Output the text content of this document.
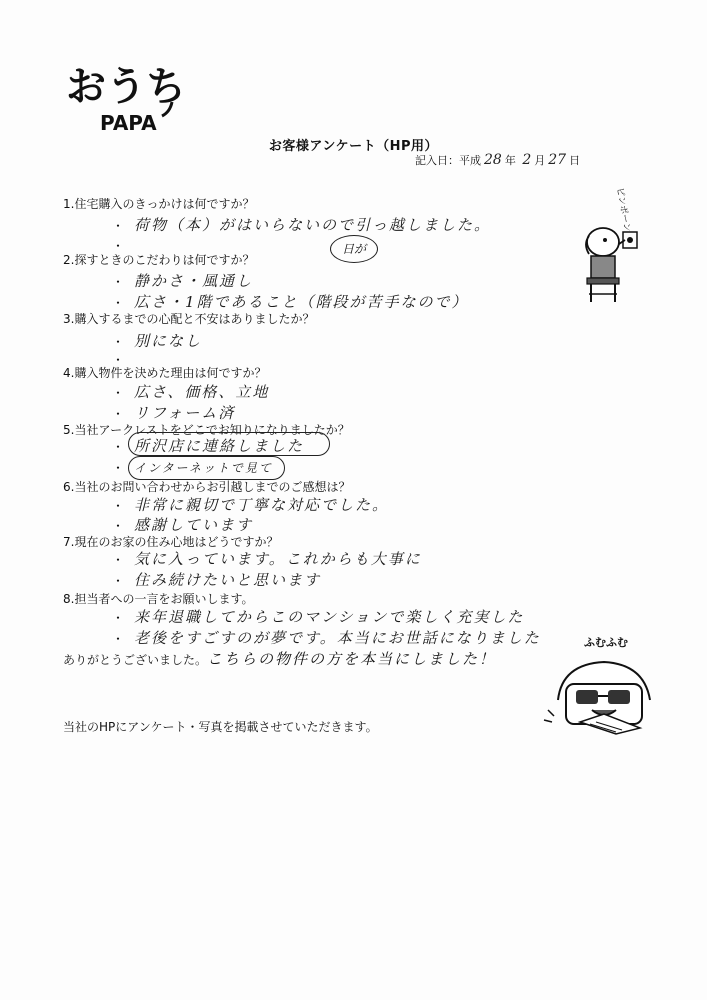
おうち
PAPA
お客様アンケート（HP用）
記入日：平成 28 年 2 月 27 日
1.住宅購入のきっかけは何ですか？
・ 荷物（本）がはいらないので引っ越しました。
・	日が
2.探すときのこだわりは何ですか？
・ 静かさ・風通し
・ 広さ・1階であること（階段が苦手なので）
3.購入するまでの心配と不安はありましたか？
・ 別になし
・
4.購入物件を決めた理由は何ですか？
・ 広さ、価格、立地
・ リフォーム済
5.当社アークレストをどこでお知りになりましたか？
・ 所沢店に連絡しました
・ インターネットで見て
6.当社のお問い合わせからお引越しまでのご感想は？
・ 非常に親切で丁寧な対応でした。
・ 感謝しています
7.現在のお家の住み心地はどうですか？
・ 気に入っています。これからも大事に
・ 住み続けたいと思います
8.担当者への一言をお願いします。
・ 来年退職してからこのマンションで楽しく充実した
・ 老後をすごすのが夢です。本当にお世話になりました
ありがとうございました。こちらの物件の方を本当にしました！
当社のHPにアンケート・写真を掲載させていただきます。
ピンポーン
ふむふむ
